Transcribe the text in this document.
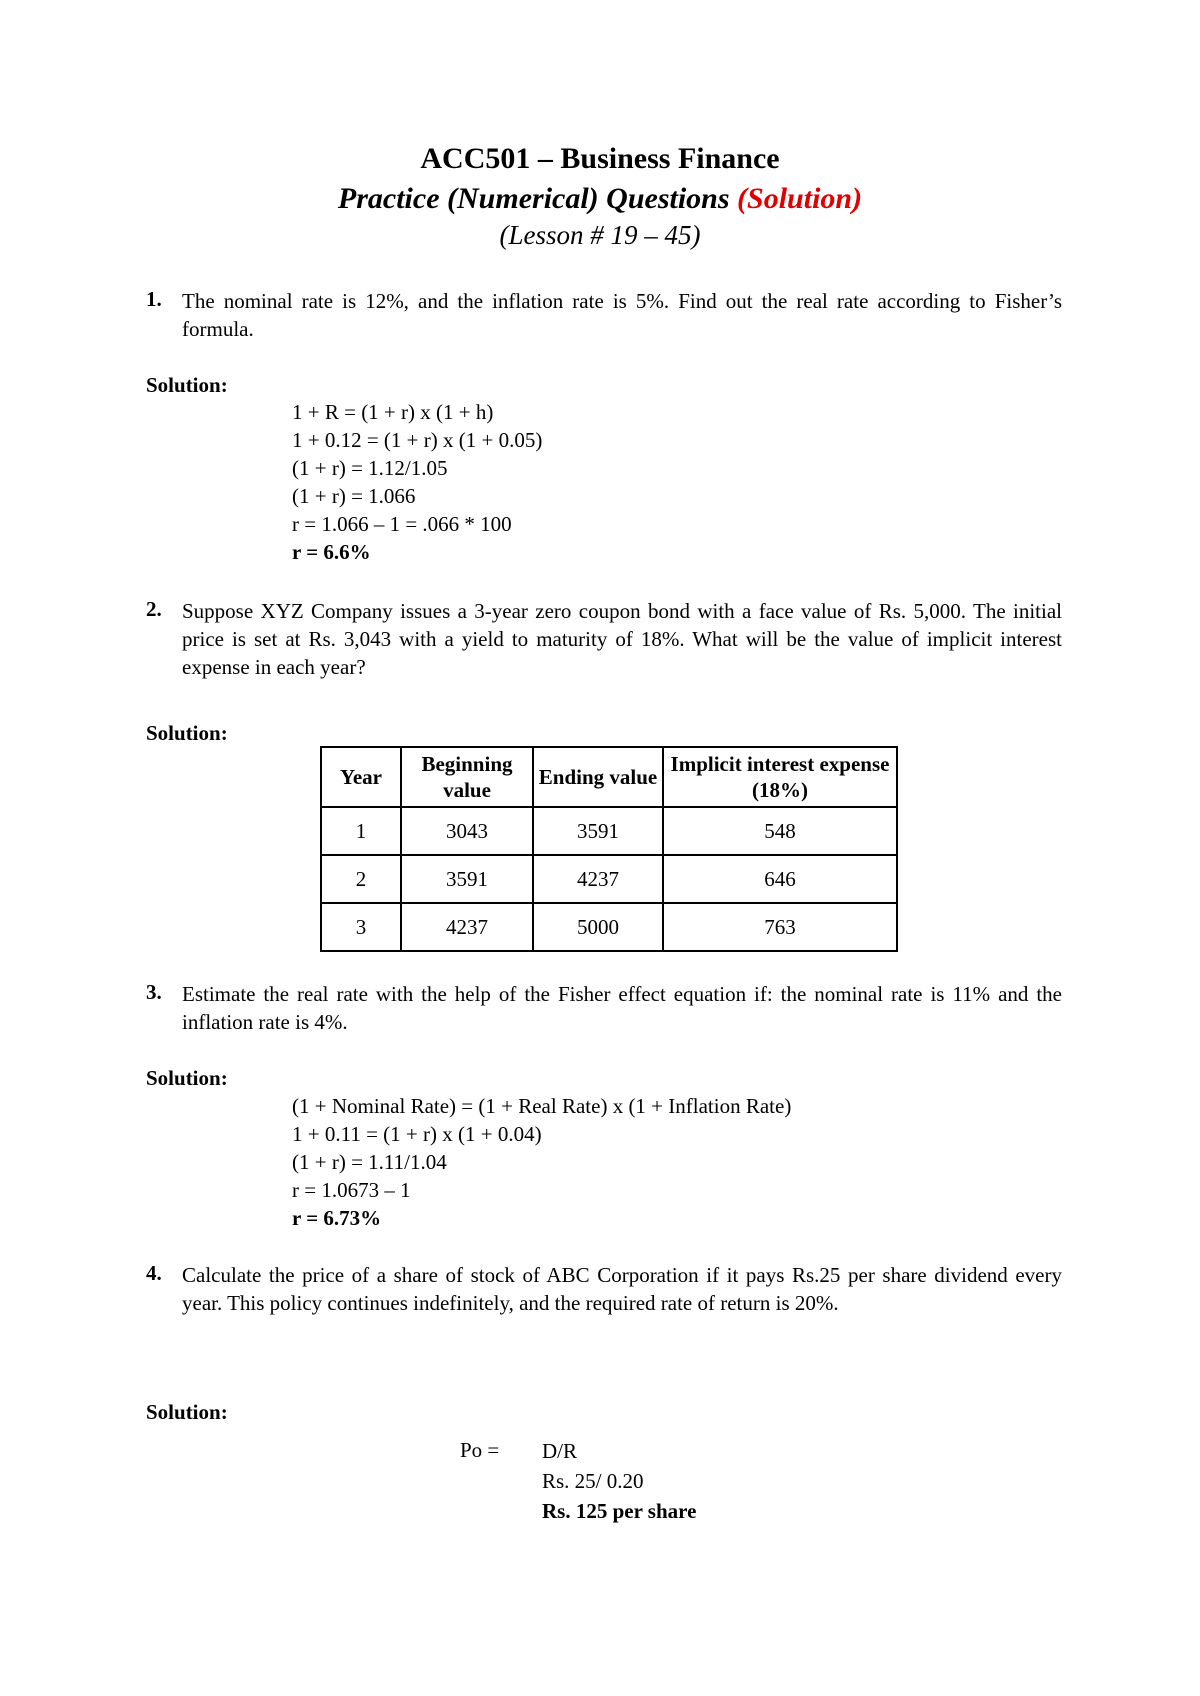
ACC501 – Business Finance
Practice (Numerical) Questions (Solution)
(Lesson # 19 – 45)
1. The nominal rate is 12%, and the inflation rate is 5%. Find out the real rate according to Fisher’s formula.
Solution:
1 + R = (1 + r) x (1 + h)
1 + 0.12 = (1 + r) x (1 + 0.05)
(1 + r) = 1.12/1.05
(1 + r) = 1.066
r = 1.066 – 1 = .066 * 100
r = 6.6%
2. Suppose XYZ Company issues a 3-year zero coupon bond with a face value of Rs. 5,000. The initial price is set at Rs. 3,043 with a yield to maturity of 18%. What will be the value of implicit interest expense in each year?
Solution:
Year	Beginning value	Ending value	Implicit interest expense (18%)
1	3043	3591	548
2	3591	4237	646
3	4237	5000	763
3. Estimate the real rate with the help of the Fisher effect equation if: the nominal rate is 11% and the inflation rate is 4%.
Solution:
(1 + Nominal Rate) = (1 + Real Rate) x (1 + Inflation Rate)
1 + 0.11 = (1 + r) x (1 + 0.04)
(1 + r) = 1.11/1.04
r = 1.0673 – 1
r = 6.73%
4. Calculate the price of a share of stock of ABC Corporation if it pays Rs.25 per share dividend every year. This policy continues indefinitely, and the required rate of return is 20%.
Solution:
Po = D/R
Rs. 25/ 0.20
Rs. 125 per share
